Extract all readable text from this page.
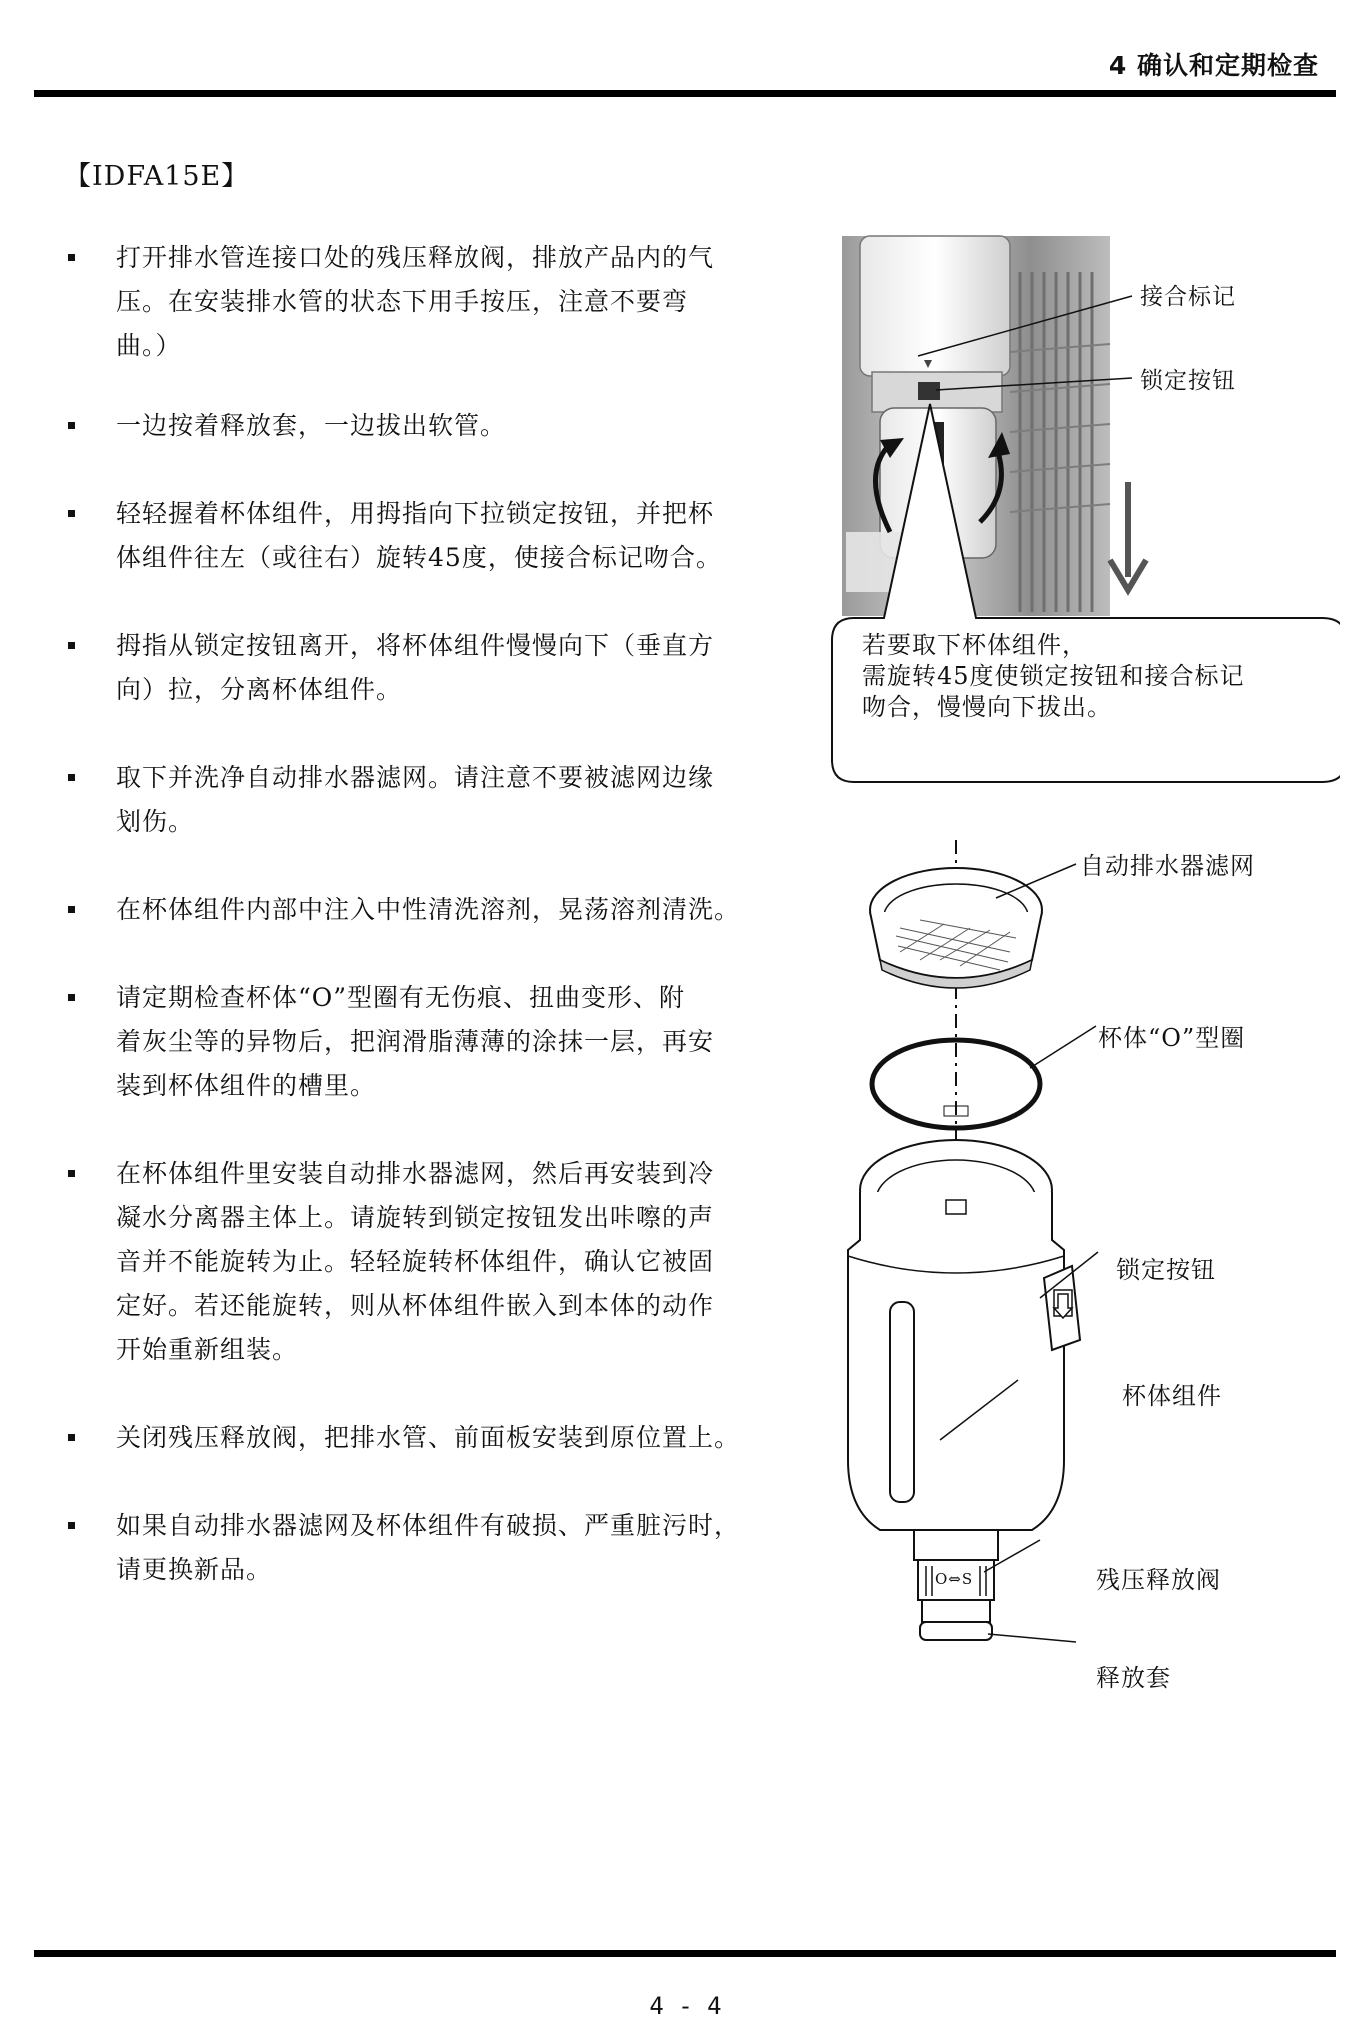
4 确认和定期检查
【IDFA15E】
打开排水管连接口处的残压释放阀，排放产品内的气
压。在安装排水管的状态下用手按压，注意不要弯
曲。）
一边按着释放套，一边拔出软管。
轻轻握着杯体组件，用拇指向下拉锁定按钮，并把杯
体组件往左（或往右）旋转45度，使接合标记吻合。
拇指从锁定按钮离开，将杯体组件慢慢向下（垂直方
向）拉，分离杯体组件。
取下并洗净自动排水器滤网。请注意不要被滤网边缘
划伤。
在杯体组件内部中注入中性清洗溶剂，晃荡溶剂清洗。
请定期检查杯体“O”型圈有无伤痕、扭曲变形、附
着灰尘等的异物后，把润滑脂薄薄的涂抹一层，再安
装到杯体组件的槽里。
在杯体组件里安装自动排水器滤网，然后再安装到冷
凝水分离器主体上。请旋转到锁定按钮发出咔嚓的声
音并不能旋转为止。轻轻旋转杯体组件，确认它被固
定好。若还能旋转，则从杯体组件嵌入到本体的动作
开始重新组装。
关闭残压释放阀，把排水管、前面板安装到原位置上。
如果自动排水器滤网及杯体组件有破损、严重脏污时，
请更换新品。
接合标记
锁定按钮
若要取下杯体组件，
需旋转45度使锁定按钮和接合标记
吻合，慢慢向下拔出。
O⇔S
自动排水器滤网
杯体“O”型圈
锁定按钮
杯体组件
残压释放阀
释放套
4 - 4
